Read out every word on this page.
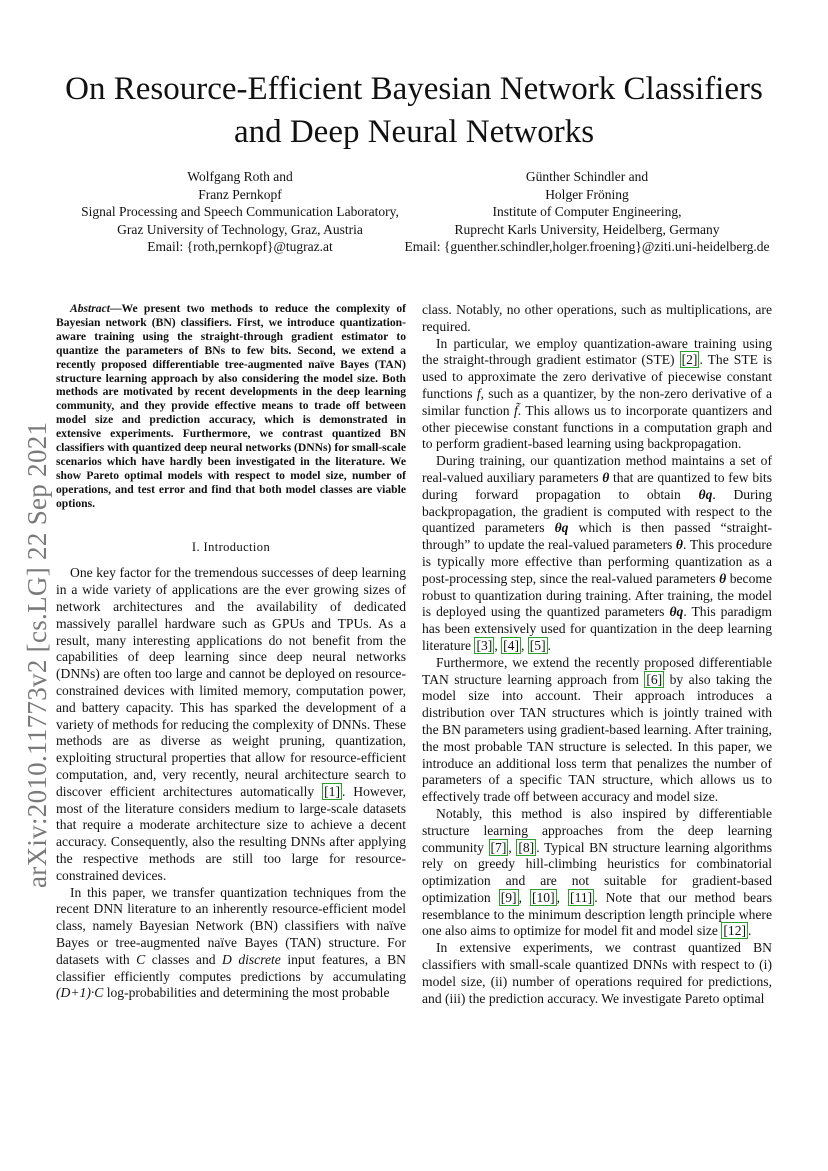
On Resource-Efficient Bayesian Network Classifiers
and Deep Neural Networks
Wolfgang Roth and
Franz Pernkopf
Signal Processing and Speech Communication Laboratory,
Graz University of Technology, Graz, Austria
Email: {roth,pernkopf}@tugraz.at
Günther Schindler and
Holger Fröning
Institute of Computer Engineering,
Ruprecht Karls University, Heidelberg, Germany
Email: {guenther.schindler,holger.froening}@ziti.uni-heidelberg.de
arXiv:2010.11773v2 [cs.LG] 22 Sep 2021

Abstract—We present two methods to reduce the complexity of Bayesian network (BN) classifiers. First, we introduce quantization-aware training using the straight-through gradient estimator to quantize the parameters of BNs to few bits. Second, we extend a recently proposed differentiable tree-augmented naïve Bayes (TAN) structure learning approach by also considering the model size. Both methods are motivated by recent developments in the deep learning community, and they provide effective means to trade off between model size and prediction accuracy, which is demonstrated in extensive experiments. Furthermore, we contrast quantized BN classifiers with quantized deep neural networks (DNNs) for small-scale scenarios which have hardly been investigated in the literature. We show Pareto optimal models with respect to model size, number of operations, and test error and find that both model classes are viable options.

I. Introduction

One key factor for the tremendous successes of deep learning in a wide variety of applications are the ever growing sizes of network architectures and the availability of dedicated massively parallel hardware such as GPUs and TPUs. As a result, many interesting applications do not benefit from the capabilities of deep learning since deep neural networks (DNNs) are often too large and cannot be deployed on resource-constrained devices with limited memory, computation power, and battery capacity. This has sparked the development of a variety of methods for reducing the complexity of DNNs. These methods are as diverse as weight pruning, quantization, exploiting structural properties that allow for resource-efficient computation, and, very recently, neural architecture search to discover efficient architectures automatically [1] . However, most of the literature considers medium to large-scale datasets that require a moderate architecture size to achieve a decent accuracy. Consequently, also the resulting DNNs after applying the respective methods are still too large for resource-constrained devices.

In this paper, we transfer quantization techniques from the recent DNN literature to an inherently resource-efficient model class, namely Bayesian Network (BN) classifiers with naïve Bayes or tree-augmented naïve Bayes (TAN) structure. For datasets with C classes and D discrete input features, a BN classifier efficiently computes predictions by accumulating (D+1)·C log-probabilities and determining the most probable

class. Notably, no other operations, such as multiplications, are required.

In particular, we employ quantization-aware training using the straight-through gradient estimator (STE) [2] . The STE is used to approximate the zero derivative of piecewise constant functions f, such as a quantizer, by the non-zero derivative of a similar function f̃. This allows us to incorporate quantizers and other piecewise constant functions in a computation graph and to perform gradient-based learning using backpropagation.

During training, our quantization method maintains a set of real-valued auxiliary parameters θ that are quantized to few bits during forward propagation to obtain θq. During backpropagation, the gradient is computed with respect to the quantized parameters θq which is then passed “straight-through” to update the real-valued parameters θ. This procedure is typically more effective than performing quantization as a post-processing step, since the real-valued parameters θ become robust to quantization during training. After training, the model is deployed using the quantized parameters θq. This paradigm has been extensively used for quantization in the deep learning literature [3] , [4] , [5] .

Furthermore, we extend the recently proposed differentiable TAN structure learning approach from [6] by also taking the model size into account. Their approach introduces a distribution over TAN structures which is jointly trained with the BN parameters using gradient-based learning. After training, the most probable TAN structure is selected. In this paper, we introduce an additional loss term that penalizes the number of parameters of a specific TAN structure, which allows us to effectively trade off between accuracy and model size.

Notably, this method is also inspired by differentiable structure learning approaches from the deep learning community [7] , [8] . Typical BN structure learning algorithms rely on greedy hill-climbing heuristics for combinatorial optimization and are not suitable for gradient-based optimization [9] , [10] , [11] . Note that our method bears resemblance to the minimum description length principle where one also aims to optimize for model fit and model size [12] .

In extensive experiments, we contrast quantized BN classifiers with small-scale quantized DNNs with respect to (i) model size, (ii) number of operations required for predictions, and (iii) the prediction accuracy. We investigate Pareto optimal
